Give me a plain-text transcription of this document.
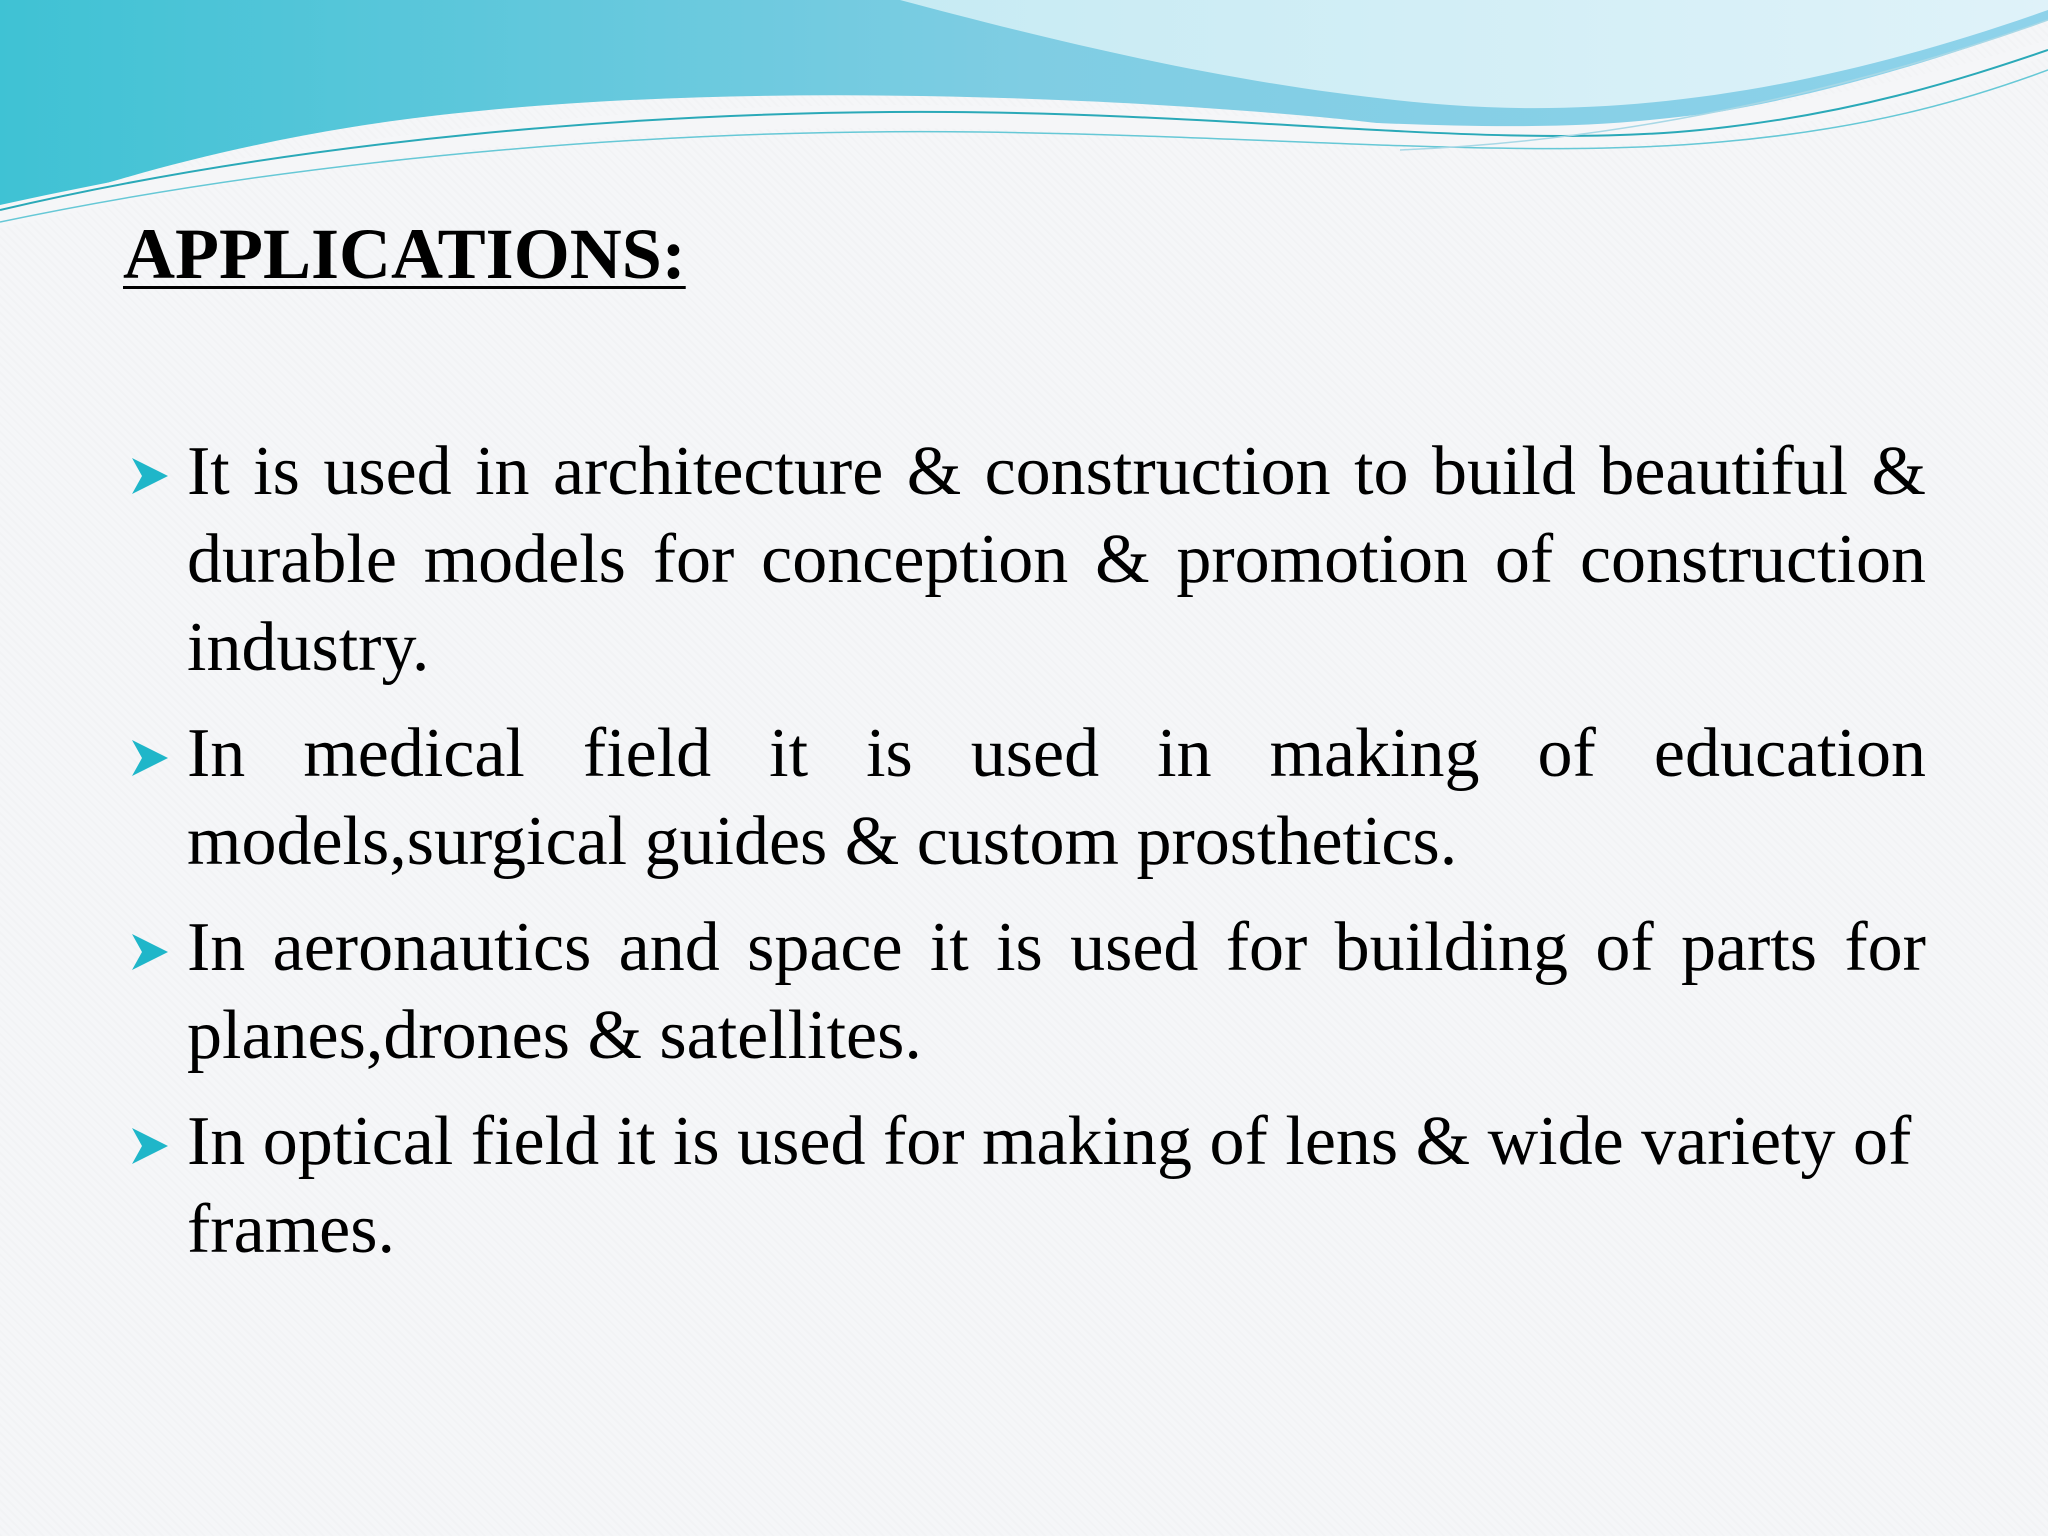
APPLICATIONS:
It is used in architecture & construction to build beautiful & durable models for conception & promotion of construction industry.
In medical field it is used in making of education models,surgical guides & custom prosthetics.
In aeronautics and space it is used for building of parts for planes,drones & satellites.
In optical field it is used for making of lens & wide variety of frames.
